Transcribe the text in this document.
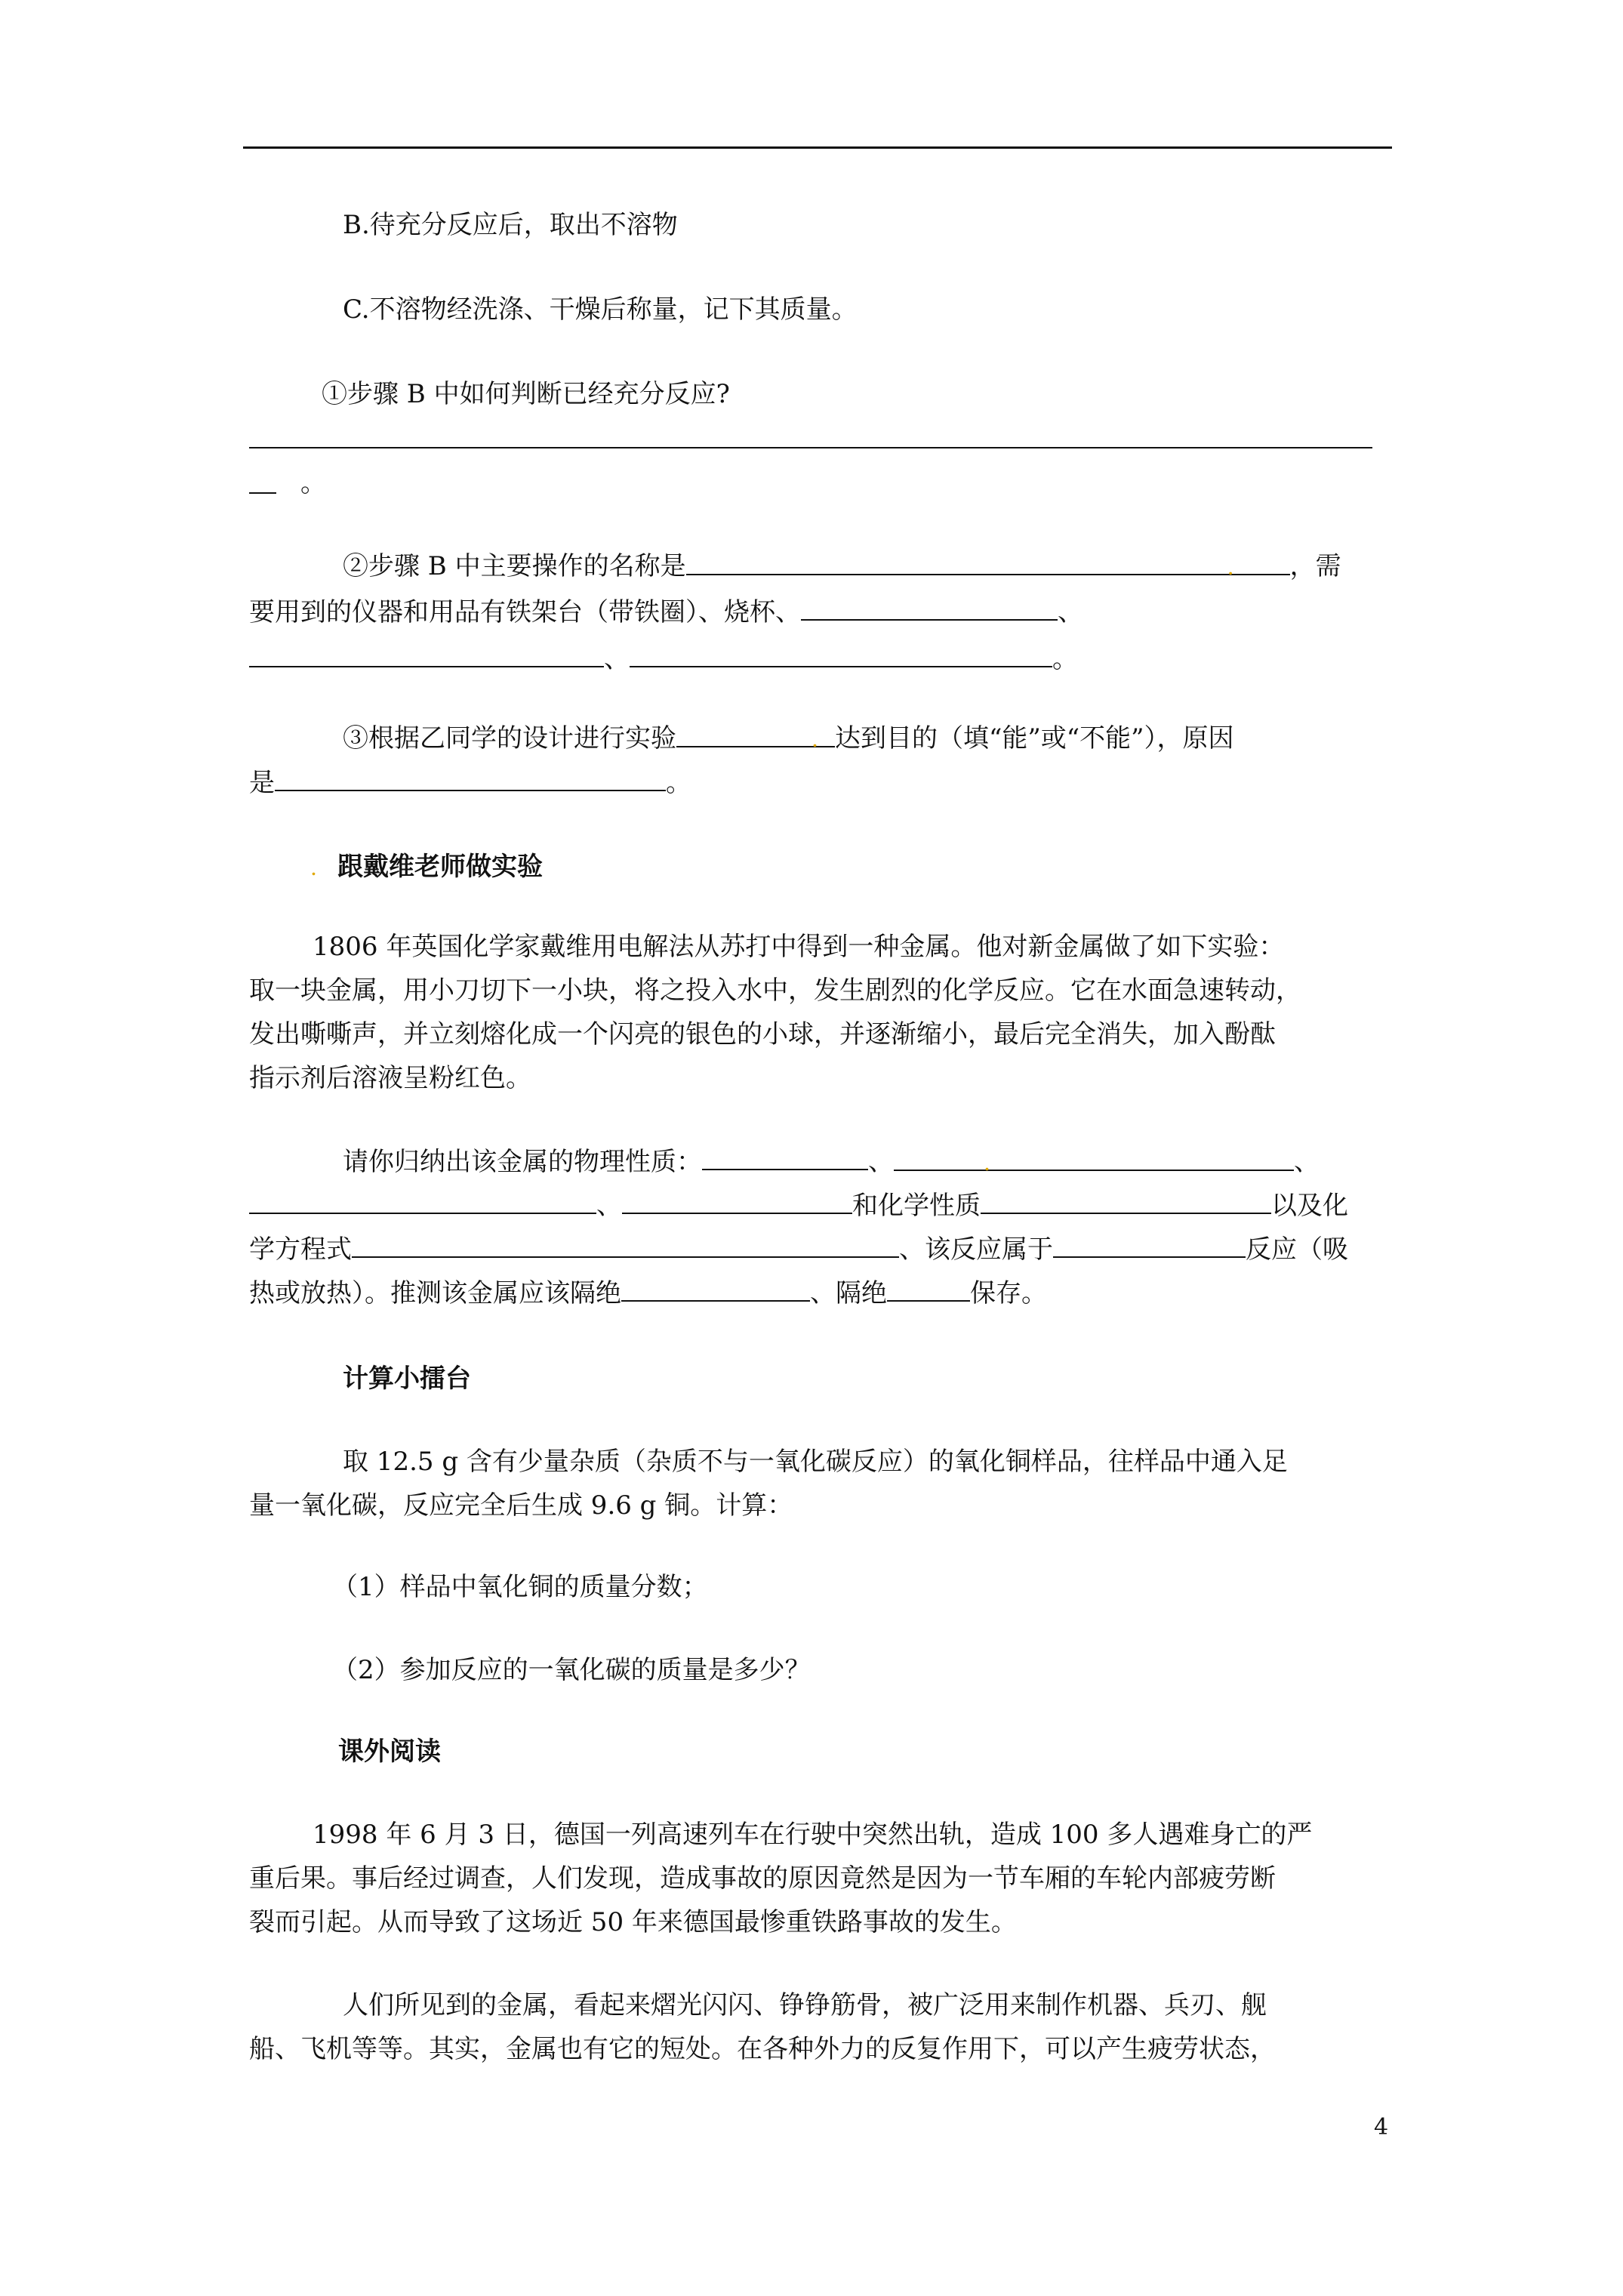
B.待充分反应后，取出不溶物
C.不溶物经洗涤、干燥后称量，记下其质量。
①步骤 B 中如何判断已经充分反应?
。
②步骤 B 中主要操作的名称是	. ，需
要用到的仪器和用品有铁架台（带铁圈）、烧杯、	、
、	。
③根据乙同学的设计进行实验	. 达到目的（填“能”或“不能”），原因
是	。
. 跟戴维老师做实验
1806 年英国化学家戴维用电解法从苏打中得到一种金属。他对新金属做了如下实验：
取一块金属，用小刀切下一小块，将之投入水中，发生剧烈的化学反应。它在水面急速转动，
发出嘶嘶声，并立刻熔化成一个闪亮的银色的小球，并逐渐缩小，最后完全消失，加入酚酞
指示剂后溶液呈粉红色。
请你归纳出该金属的物理性质：	、	.	、
、	和化学性质	以及化
学方程式	、该反应属于	反应（吸
热或放热）。推测该金属应该隔绝	、隔绝	保存。
计算小擂台
取 12.5 g 含有少量杂质（杂质不与一氧化碳反应）的氧化铜样品，往样品中通入足
量一氧化碳，反应完全后生成 9.6 g 铜。计算：
（1）样品中氧化铜的质量分数；
（2）参加反应的一氧化碳的质量是多少？
课外阅读
1998 年 6 月 3 日，德国一列高速列车在行驶中突然出轨，造成 100 多人遇难身亡的严
重后果。事后经过调查，人们发现，造成事故的原因竟然是因为一节车厢的车轮内部疲劳断
裂而引起。从而导致了这场近 50 年来德国最惨重铁路事故的发生。
人们所见到的金属，看起来熠光闪闪、铮铮筋骨，被广泛用来制作机器、兵刃、舰
船、飞机等等。其实，金属也有它的短处。在各种外力的反复作用下，可以产生疲劳状态，
4
